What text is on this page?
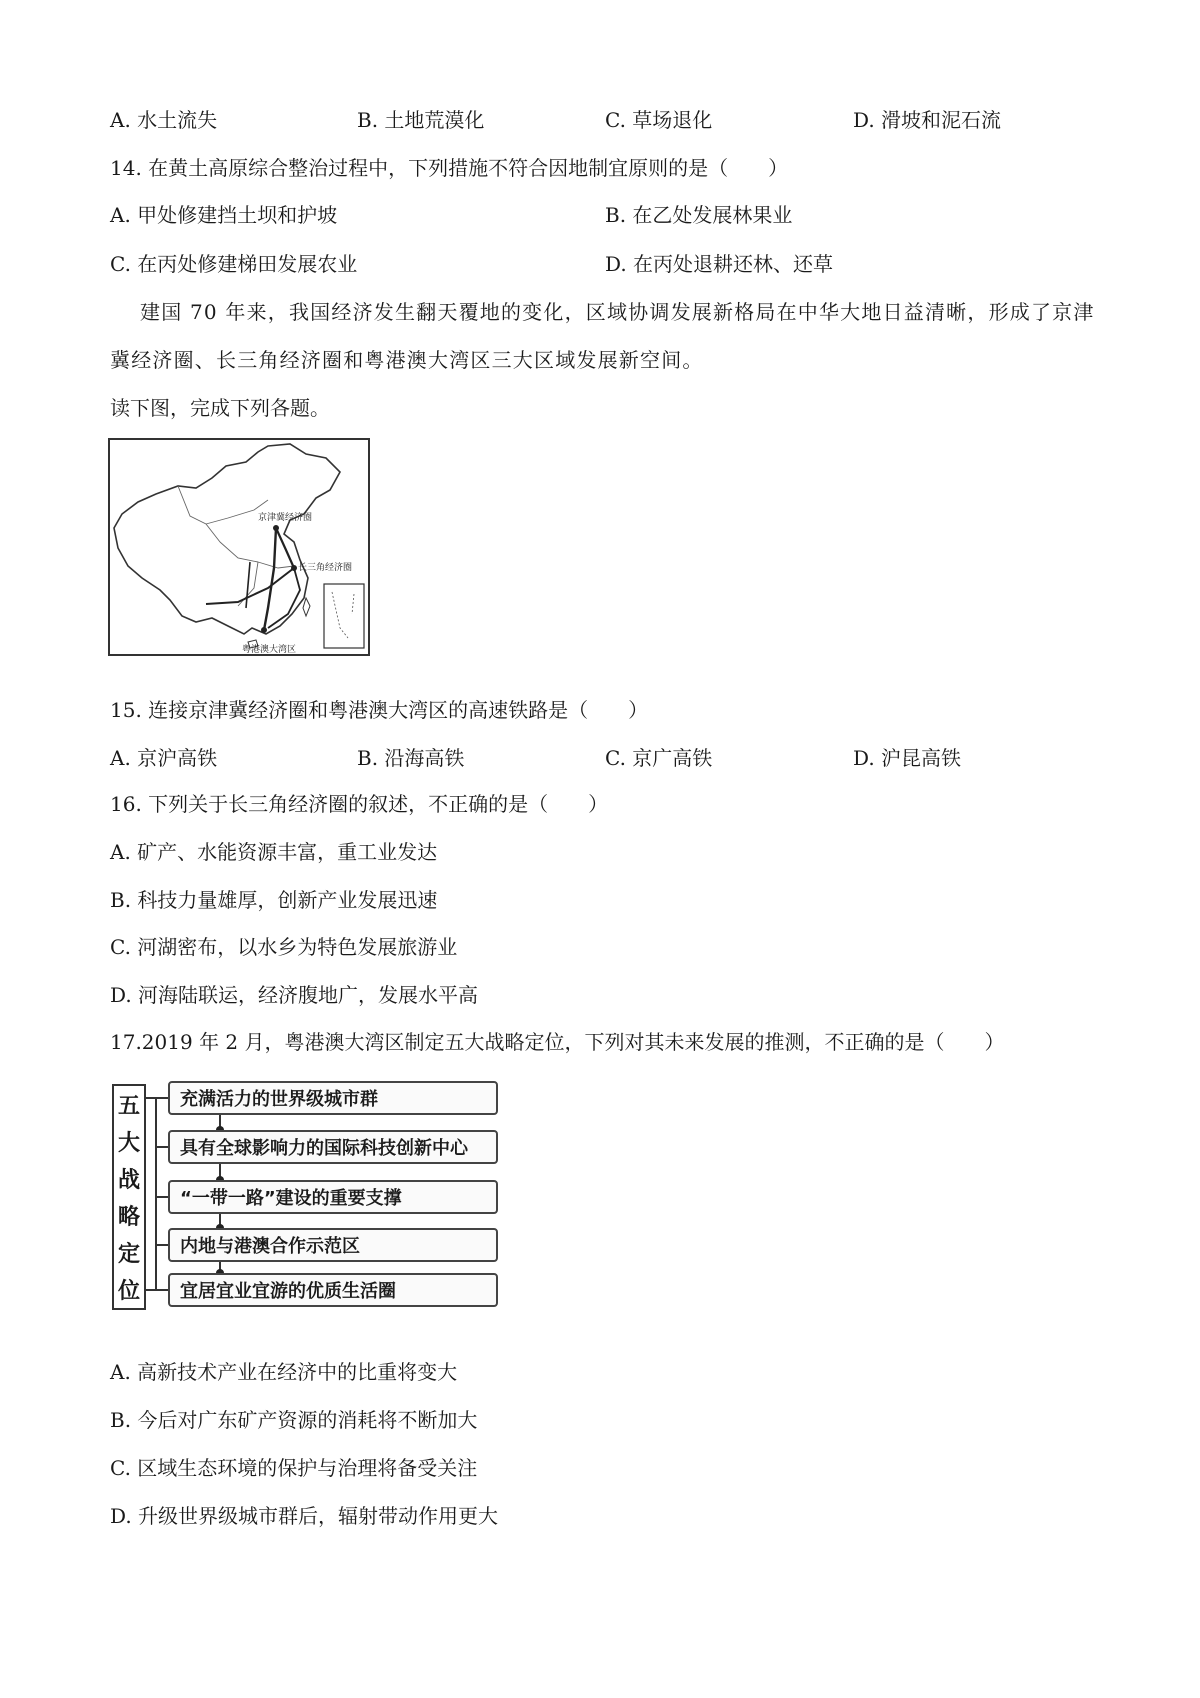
A. 水土流失	B. 土地荒漠化	C. 草场退化	D. 滑坡和泥石流
14. 在黄土高原综合整治过程中，下列措施不符合因地制宜原则的是（　　）
A. 甲处修建挡土坝和护坡	B. 在乙处发展林果业
C. 在丙处修建梯田发展农业	D. 在丙处退耕还林、还草
建国 70 年来，我国经济发生翻天覆地的变化，区域协调发展新格局在中华大地日益清晰，形成了京津
冀经济圈、长三角经济圈和粤港澳大湾区三大区域发展新空间。
读下图，完成下列各题。
京津冀经济圈
长三角经济圈
粤港澳大湾区
15. 连接京津冀经济圈和粤港澳大湾区的高速铁路是（　　）
A. 京沪高铁	B. 沿海高铁	C. 京广高铁	D. 沪昆高铁
16. 下列关于长三角经济圈的叙述，不正确的是（　　）
A. 矿产、水能资源丰富，重工业发达
B. 科技力量雄厚，创新产业发展迅速
C. 河湖密布，以水乡为特色发展旅游业
D. 河海陆联运，经济腹地广，发展水平高
17.2019 年 2 月，粤港澳大湾区制定五大战略定位，下列对其未来发展的推测，不正确的是（　　）
五
大
战
略
定
位
充满活力的世界级城市群
具有全球影响力的国际科技创新中心
“一带一路”建设的重要支撑
内地与港澳合作示范区
宜居宜业宜游的优质生活圈
A. 高新技术产业在经济中的比重将变大
B. 今后对广东矿产资源的消耗将不断加大
C. 区域生态环境的保护与治理将备受关注
D. 升级世界级城市群后，辐射带动作用更大
